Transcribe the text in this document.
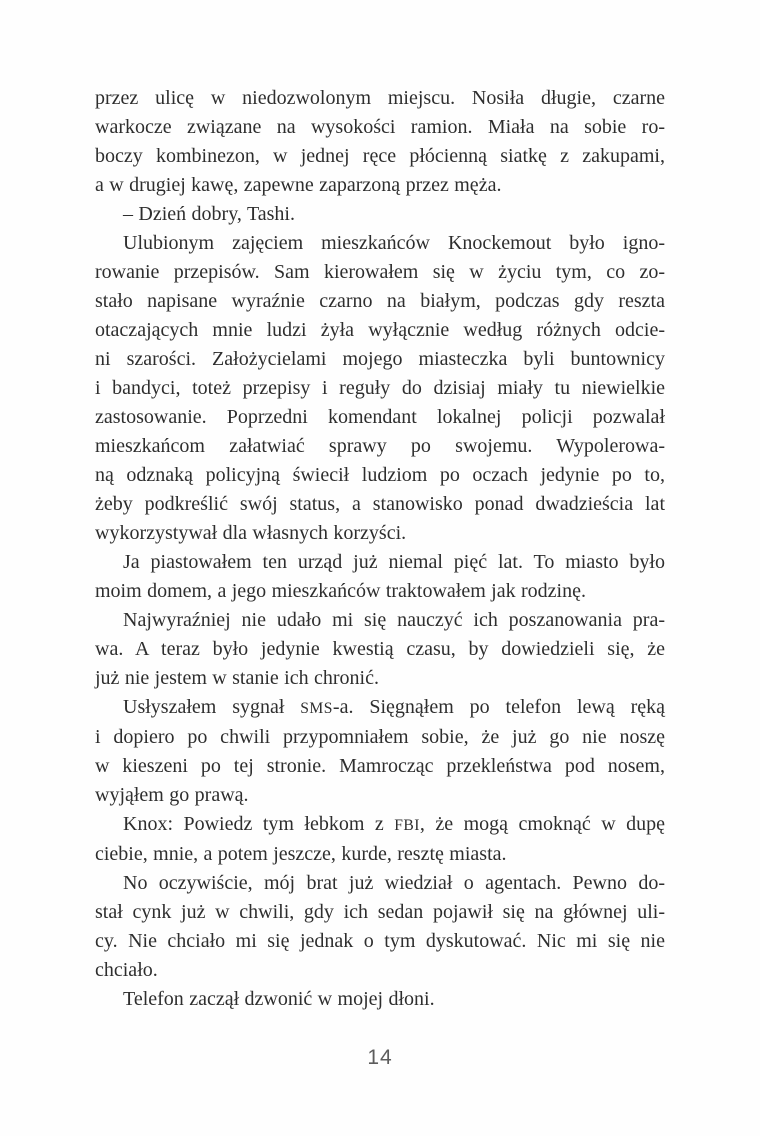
przez ulicę w niedozwolonym miejscu. Nosiła długie, czarne
warkocze związane na wysokości ramion. Miała na sobie ro-
boczy kombinezon, w jednej ręce płócienną siatkę z zakupami,
a w drugiej kawę, zapewne zaparzoną przez męża.
– Dzień dobry, Tashi.
Ulubionym zajęciem mieszkańców Knockemout było igno-
rowanie przepisów. Sam kierowałem się w życiu tym, co zo-
stało napisane wyraźnie czarno na białym, podczas gdy reszta
otaczających mnie ludzi żyła wyłącznie według różnych odcie-
ni szarości. Założycielami mojego miasteczka byli buntownicy
i bandyci, toteż przepisy i reguły do dzisiaj miały tu niewielkie
zastosowanie. Poprzedni komendant lokalnej policji pozwalał
mieszkańcom załatwiać sprawy po swojemu. Wypolerowa-
ną odznaką policyjną świecił ludziom po oczach jedynie po to,
żeby podkreślić swój status, a stanowisko ponad dwadzieścia lat
wykorzystywał dla własnych korzyści.
Ja piastowałem ten urząd już niemal pięć lat. To miasto było
moim domem, a jego mieszkańców traktowałem jak rodzinę.
Najwyraźniej nie udało mi się nauczyć ich poszanowania pra-
wa. A teraz było jedynie kwestią czasu, by dowiedzieli się, że
już nie jestem w stanie ich chronić.
Usłyszałem sygnał SMS-a. Sięgnąłem po telefon lewą ręką
i dopiero po chwili przypomniałem sobie, że już go nie noszę
w kieszeni po tej stronie. Mamrocząc przekleństwa pod nosem,
wyjąłem go prawą.
Knox: Powiedz tym łebkom z FBI, że mogą cmoknąć w dupę
ciebie, mnie, a potem jeszcze, kurde, resztę miasta.
No oczywiście, mój brat już wiedział o agentach. Pewno do-
stał cynk już w chwili, gdy ich sedan pojawił się na głównej uli-
cy. Nie chciało mi się jednak o tym dyskutować. Nic mi się nie
chciało.
Telefon zaczął dzwonić w mojej dłoni.
14
